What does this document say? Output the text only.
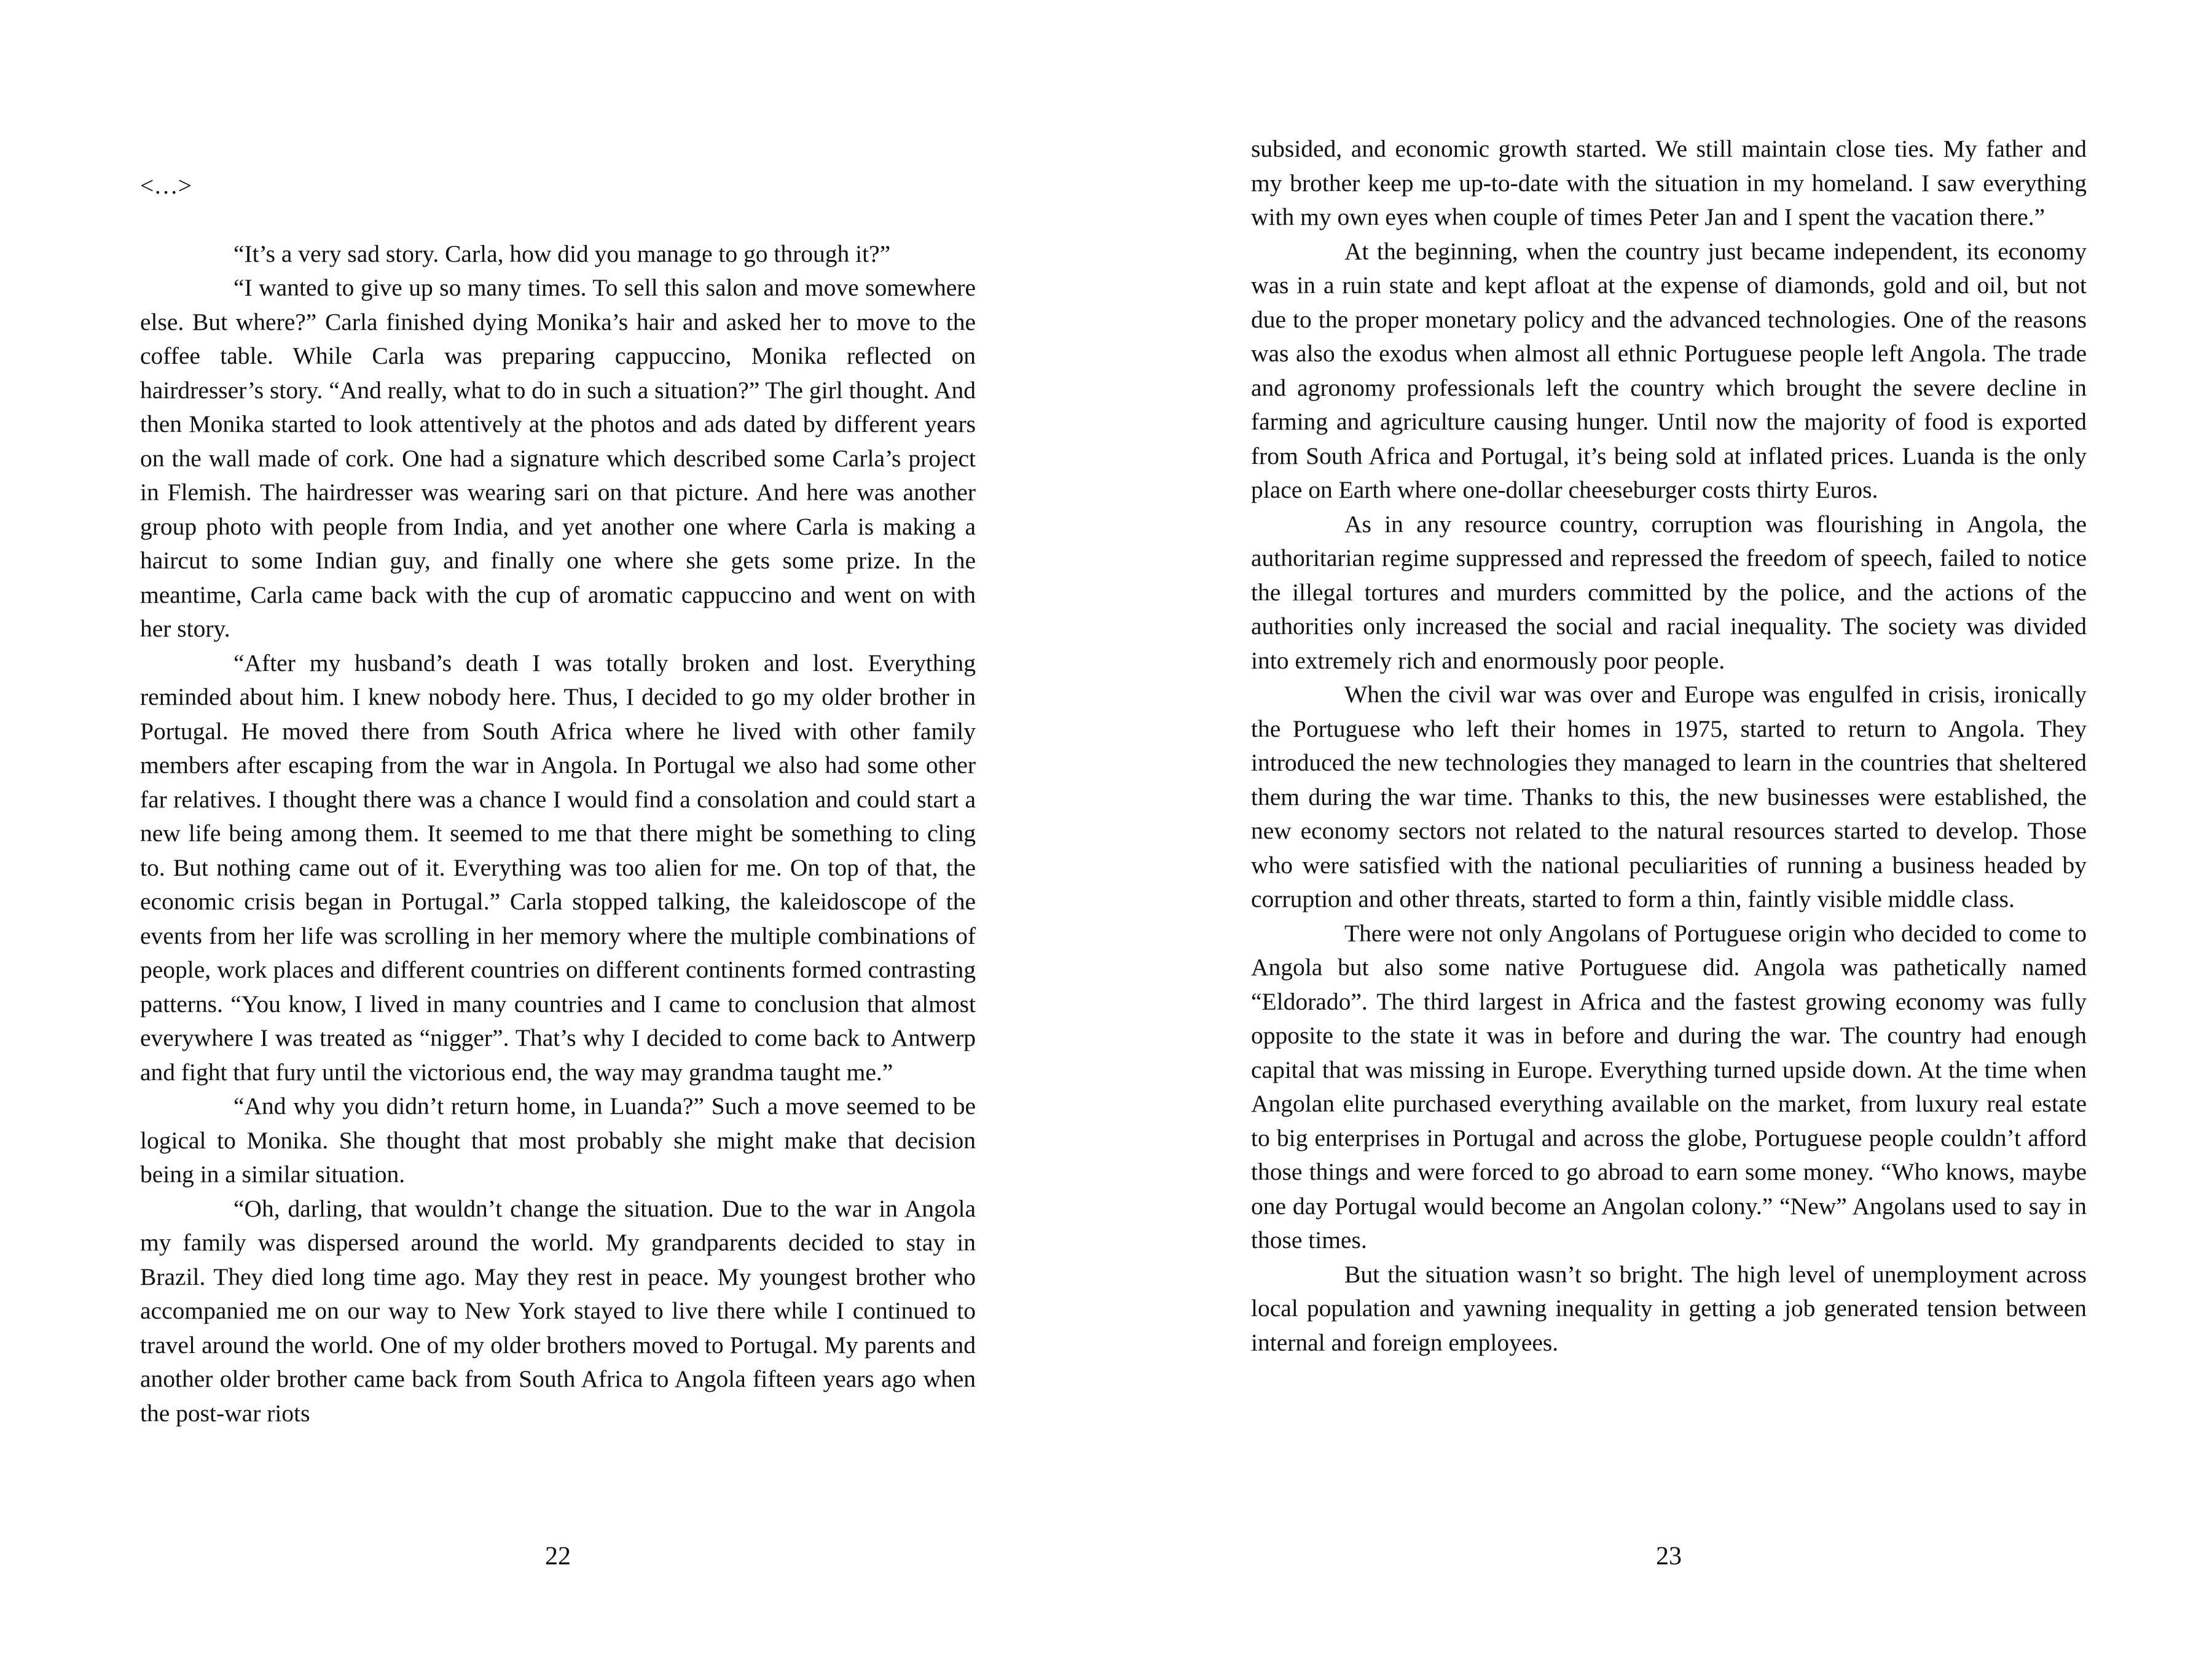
<…>

“It’s a very sad story. Carla, how did you manage to go through it?”

“I wanted to give up so many times. To sell this salon and move somewhere else. But where?” Carla finished dying Monika’s hair and asked her to move to the coffee table. While Carla was preparing cappuccino, Monika reflected on hairdresser’s story. “And really, what to do in such a situation?” The girl thought. And then Monika started to look attentively at the photos and ads dated by different years on the wall made of cork. One had a signature which described some Carla’s project in Flemish. The hairdresser was wearing sari on that picture. And here was another group photo with people from India, and yet another one where Carla is making a haircut to some Indian guy, and finally one where she gets some prize. In the meantime, Carla came back with the cup of aromatic cappuccino and went on with her story.

“After my husband’s death I was totally broken and lost. Everything reminded about him. I knew nobody here. Thus, I decided to go my older brother in Portugal. He moved there from South Africa where he lived with other family members after escaping from the war in Angola. In Portugal we also had some other far relatives. I thought there was a chance I would find a consolation and could start a new life being among them. It seemed to me that there might be something to cling to. But nothing came out of it. Everything was too alien for me. On top of that, the economic crisis began in Portugal.” Carla stopped talking, the kaleidoscope of the events from her life was scrolling in her memory where the multiple combinations of people, work places and different countries on different continents formed contrasting patterns. “You know, I lived in many countries and I came to conclusion that almost everywhere I was treated as “nigger”. That’s why I decided to come back to Antwerp and fight that fury until the victorious end, the way may grandma taught me.”

“And why you didn’t return home, in Luanda?” Such a move seemed to be logical to Monika. She thought that most probably she might make that decision being in a similar situation.

“Oh, darling, that wouldn’t change the situation. Due to the war in Angola my family was dispersed around the world. My grandparents decided to stay in Brazil. They died long time ago. May they rest in peace. My youngest brother who accompanied me on our way to New York stayed to live there while I continued to travel around the world. One of my older brothers moved to Portugal. My parents and another older brother came back from South Africa to Angola fifteen years ago when the post-war riots

22

subsided, and economic growth started. We still maintain close ties. My father and my brother keep me up-to-date with the situation in my homeland. I saw everything with my own eyes when couple of times Peter Jan and I spent the vacation there.”

At the beginning, when the country just became independent, its economy was in a ruin state and kept afloat at the expense of diamonds, gold and oil, but not due to the proper monetary policy and the advanced technologies. One of the reasons was also the exodus when almost all ethnic Portuguese people left Angola. The trade and agronomy professionals left the country which brought the severe decline in farming and agriculture causing hunger. Until now the majority of food is exported from South Africa and Portugal, it’s being sold at inflated prices. Luanda is the only place on Earth where one-dollar cheeseburger costs thirty Euros.

As in any resource country, corruption was flourishing in Angola, the authoritarian regime suppressed and repressed the freedom of speech, failed to notice the illegal tortures and murders committed by the police, and the actions of the authorities only increased the social and racial inequality. The society was divided into extremely rich and enormously poor people.

When the civil war was over and Europe was engulfed in crisis, ironically the Portuguese who left their homes in 1975, started to return to Angola. They introduced the new technologies they managed to learn in the countries that sheltered them during the war time. Thanks to this, the new businesses were established, the new economy sectors not related to the natural resources started to develop. Those who were satisfied with the national peculiarities of running a business headed by corruption and other threats, started to form a thin, faintly visible middle class.

There were not only Angolans of Portuguese origin who decided to come to Angola but also some native Portuguese did. Angola was pathetically named “Eldorado”. The third largest in Africa and the fastest growing economy was fully opposite to the state it was in before and during the war. The country had enough capital that was missing in Europe. Everything turned upside down. At the time when Angolan elite purchased everything available on the market, from luxury real estate to big enterprises in Portugal and across the globe, Portuguese people couldn’t afford those things and were forced to go abroad to earn some money. “Who knows, maybe one day Portugal would become an Angolan colony.” “New” Angolans used to say in those times.

But the situation wasn’t so bright. The high level of unemployment across local population and yawning inequality in getting a job generated tension between internal and foreign employees.

23
